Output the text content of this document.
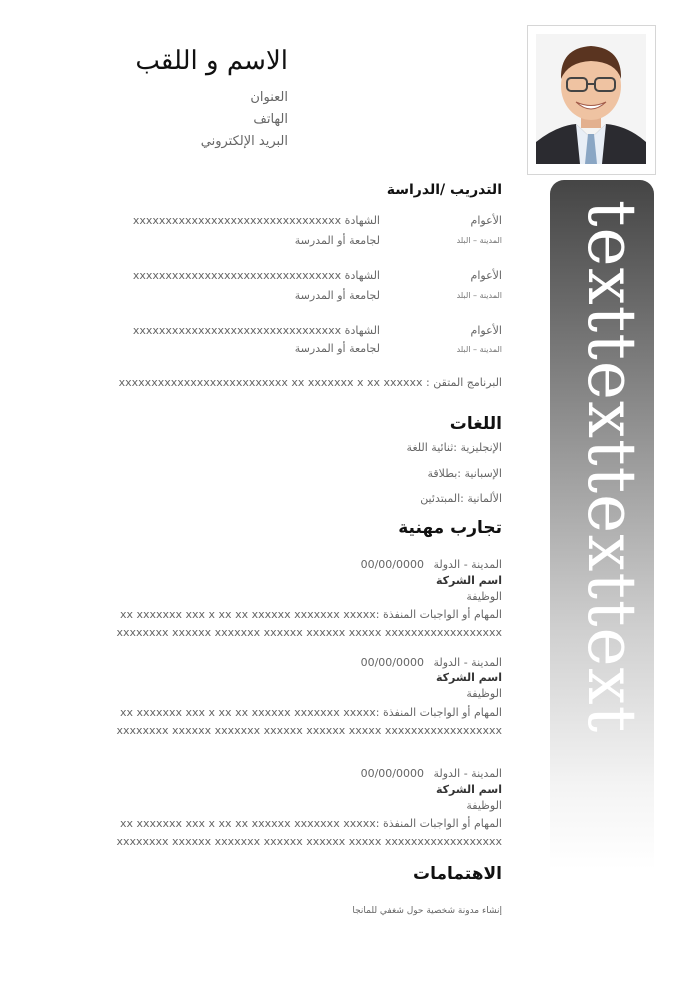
الاسم و اللقب
العنوان
الهاتف
البريد الإلكتروني
texttexttexttext
التدريب /الدراسة
الأعوام
المدينة – البلد
الشهادة xxxxxxxxxxxxxxxxxxxxxxxxxxxxxxxx
لجامعة أو المدرسة
الأعوام
المدينة – البلد
الشهادة xxxxxxxxxxxxxxxxxxxxxxxxxxxxxxxx
لجامعة أو المدرسة
الأعوام
المدينة – البلد
الشهادة xxxxxxxxxxxxxxxxxxxxxxxxxxxxxxxx
لجامعة أو المدرسة
البرنامج المتقن : xxxxxxxxxxxxxxxxxxxxxxxxxx xx xxxxxxx x xx xxxxxx
اللغات
الإنجليزية :ثنائية اللغة
الإسبانية :بطلاقة
الألمانية :المبتدئين
تجارب مهنية
المدينة - الدولة
00/00/0000
اسم الشركة
الوظيفة
المهام أو الواجبات المنفذة :xx xxxxxxx xxx x xx xx xxxxxx xxxxxxx xxxxx
xxxxxxxx xxxxxx xxxxxxx xxxxxx xxxxxx xxxxx xxxxxxxxxxxxxxxxxx
المدينة - الدولة
00/00/0000
اسم الشركة
الوظيفة
المهام أو الواجبات المنفذة :xx xxxxxxx xxx x xx xx xxxxxx xxxxxxx xxxxx
xxxxxxxx xxxxxx xxxxxxx xxxxxx xxxxxx xxxxx xxxxxxxxxxxxxxxxxx
المدينة - الدولة
00/00/0000
اسم الشركة
الوظيفة
المهام أو الواجبات المنفذة :xx xxxxxxx xxx x xx xx xxxxxx xxxxxxx xxxxx
xxxxxxxx xxxxxx xxxxxxx xxxxxx xxxxxx xxxxx xxxxxxxxxxxxxxxxxx
الاهتمامات
إنشاء مدونة شخصية حول شغفي للمانجا
